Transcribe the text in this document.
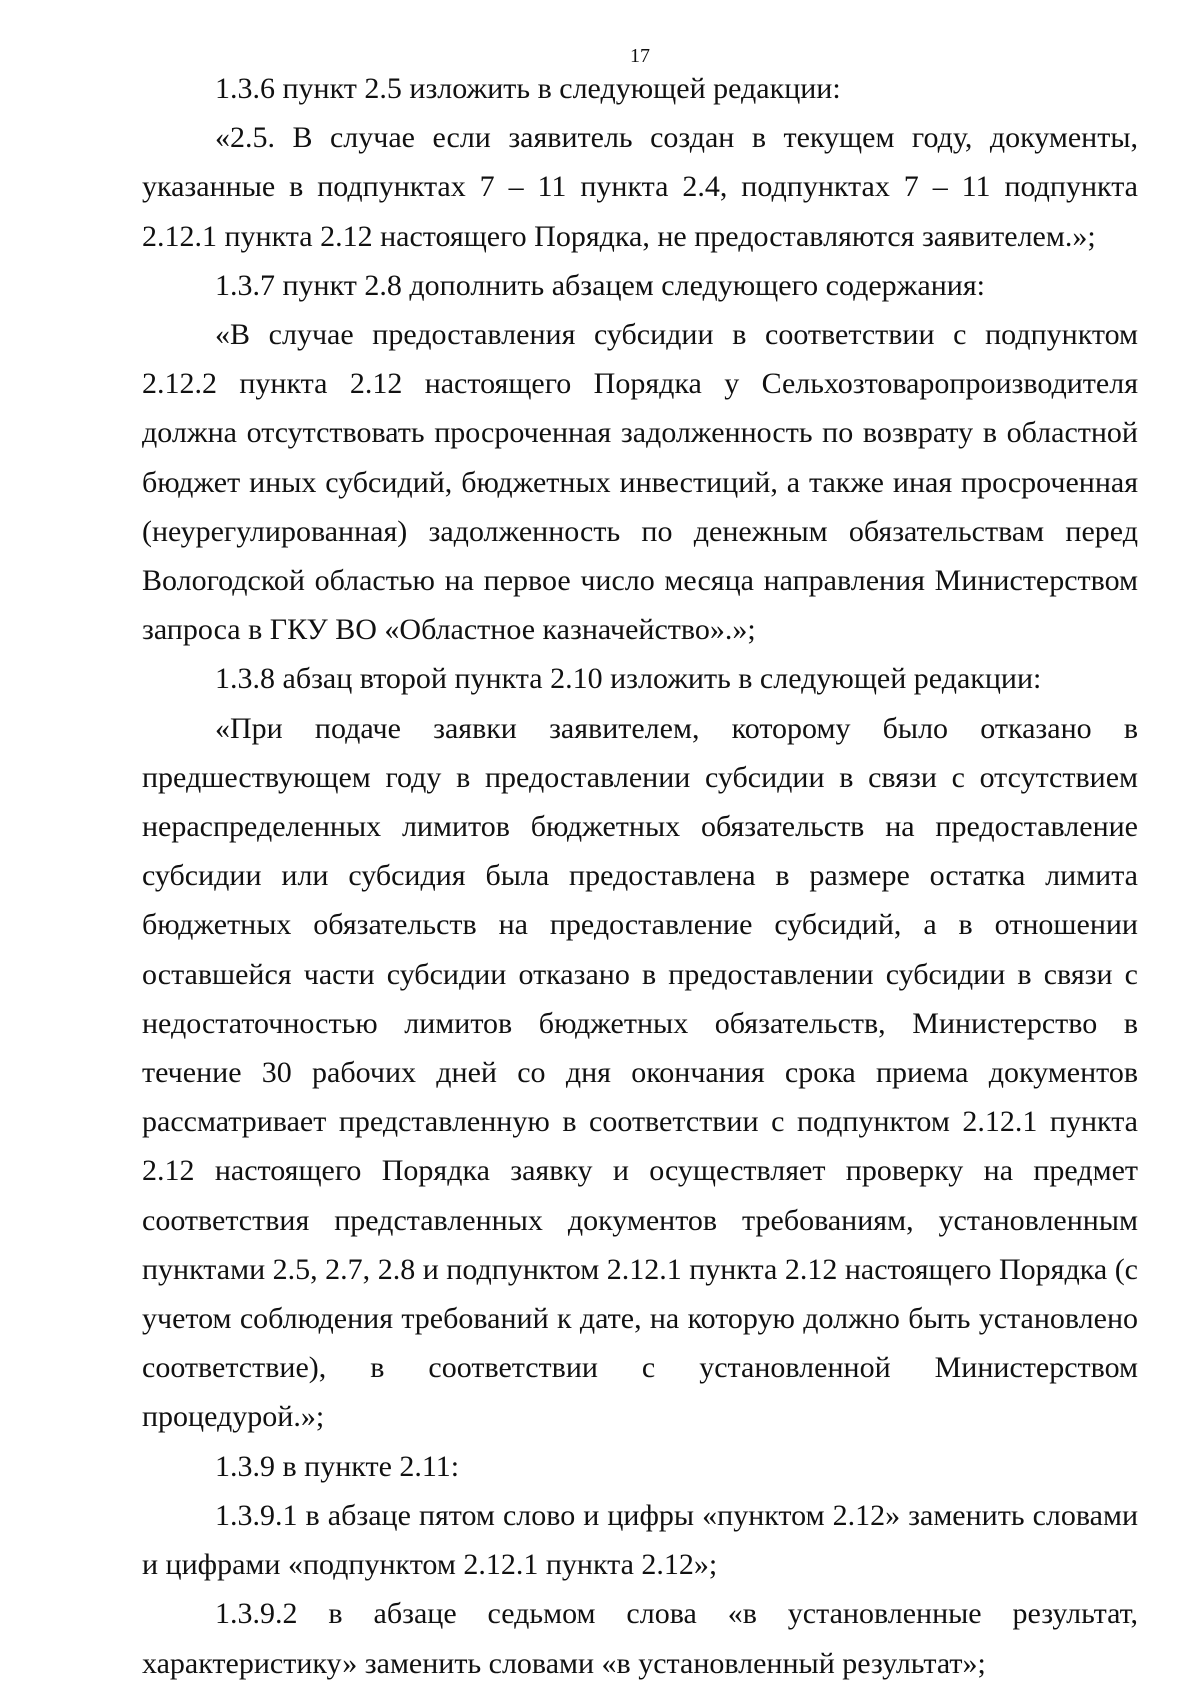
17

1.3.6 пункт 2.5 изложить в следующей редакции:

«2.5. В случае если заявитель создан в текущем году, документы, указанные в подпунктах 7 – 11 пункта 2.4, подпунктах 7 – 11 подпункта 2.12.1 пункта 2.12 настоящего Порядка, не предоставляются заявителем.»;

1.3.7 пункт 2.8 дополнить абзацем следующего содержания:

«В случае предоставления субсидии в соответствии с подпунктом 2.12.2 пункта 2.12 настоящего Порядка у Сельхозтоваропроизводителя должна отсутствовать просроченная задолженность по возврату в областной бюджет иных субсидий, бюджетных инвестиций, а также иная просроченная (неурегулированная) задолженность по денежным обязательствам перед Вологодской областью на первое число месяца направления Министерством запроса в ГКУ ВО «Областное казначейство».»;

1.3.8 абзац второй пункта 2.10 изложить в следующей редакции:

«При подаче заявки заявителем, которому было отказано в предшествующем году в предоставлении субсидии в связи с отсутствием нераспределенных лимитов бюджетных обязательств на предоставление субсидии или субсидия была предоставлена в размере остатка лимита бюджетных обязательств на предоставление субсидий, а в отношении оставшейся части субсидии отказано в предоставлении субсидии в связи с недостаточностью лимитов бюджетных обязательств, Министерство в течение 30 рабочих дней со дня окончания срока приема документов рассматривает представленную в соответствии с подпунктом 2.12.1 пункта 2.12 настоящего Порядка заявку и осуществляет проверку на предмет соответствия представленных документов требованиям, установленным пунктами 2.5, 2.7, 2.8 и подпунктом 2.12.1 пункта 2.12 настоящего Порядка (с учетом соблюдения требований к дате, на которую должно быть установлено соответствие), в соответствии с установленной Министерством процедурой.»;

1.3.9 в пункте 2.11:

1.3.9.1 в абзаце пятом слово и цифры «пунктом 2.12» заменить словами и цифрами «подпунктом 2.12.1 пункта 2.12»;

1.3.9.2 в абзаце седьмом слова «в установленные результат, характеристику» заменить словами «в установленный результат»;
